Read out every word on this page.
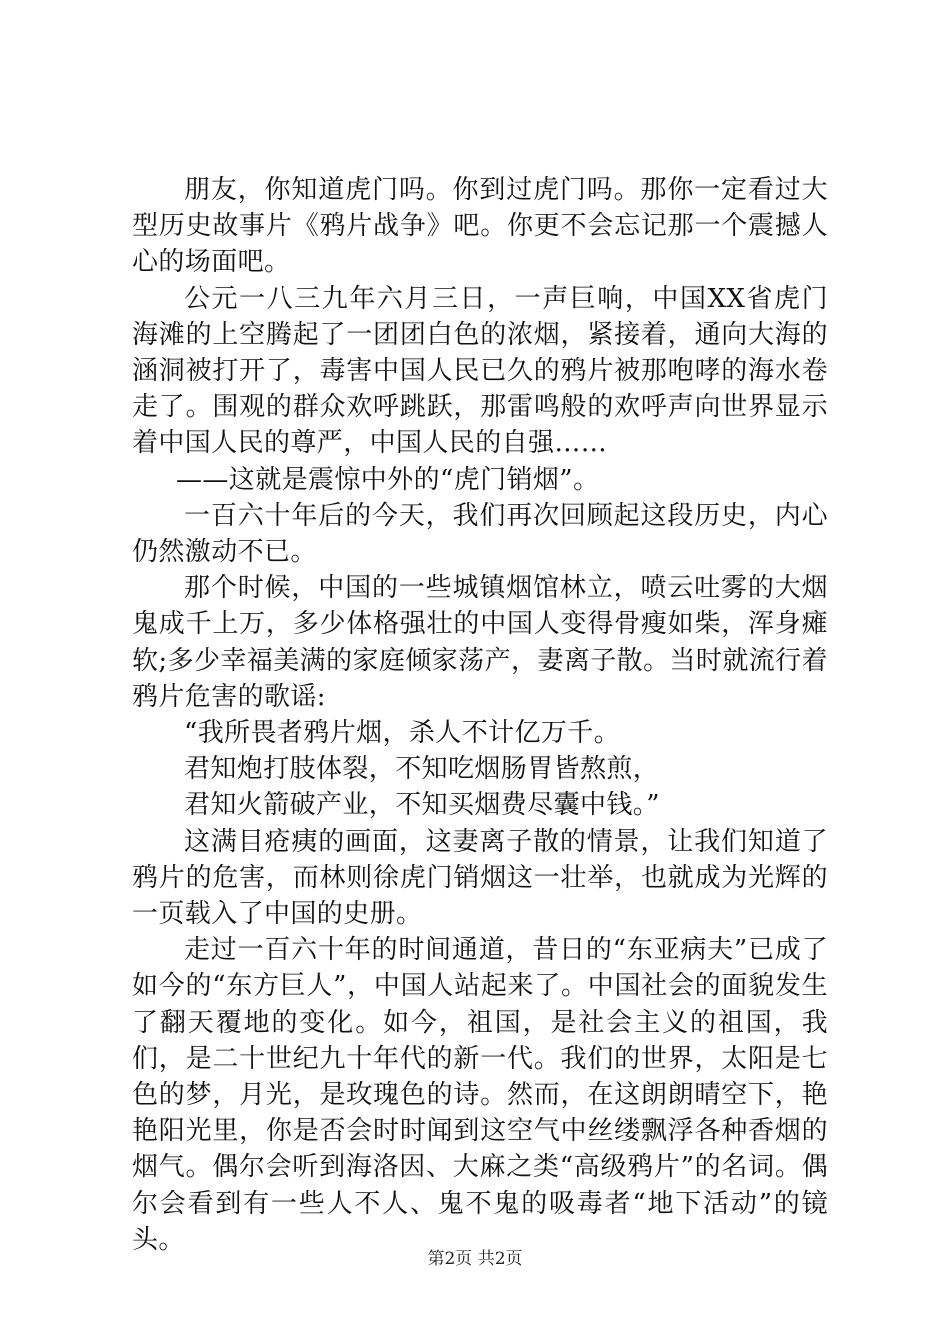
朋友，你知道虎门吗。你到过虎门吗。那你一定看过大型历史故事片《鸦片战争》吧。你更不会忘记那一个震撼人心的场面吧。

公元一八三九年六月三日，一声巨响，中国XX省虎门海滩的上空腾起了一团团白色的浓烟，紧接着，通向大海的涵洞被打开了，毒害中国人民已久的鸦片被那咆哮的海水卷走了。围观的群众欢呼跳跃，那雷鸣般的欢呼声向世界显示着中国人民的尊严，中国人民的自强……

——这就是震惊中外的“虎门销烟”。

一百六十年后的今天，我们再次回顾起这段历史，内心仍然激动不已。

那个时候，中国的一些城镇烟馆林立，喷云吐雾的大烟鬼成千上万，多少体格强壮的中国人变得骨瘦如柴，浑身瘫软;多少幸福美满的家庭倾家荡产，妻离子散。当时就流行着鸦片危害的歌谣:

“我所畏者鸦片烟，杀人不计亿万千。

君知炮打肢体裂，不知吃烟肠胃皆熬煎，

君知火箭破产业，不知买烟费尽囊中钱。”

这满目疮痍的画面，这妻离子散的情景，让我们知道了鸦片的危害，而林则徐虎门销烟这一壮举，也就成为光辉的一页载入了中国的史册。

走过一百六十年的时间通道，昔日的“东亚病夫”已成了如今的“东方巨人”，中国人站起来了。中国社会的面貌发生了翻天覆地的变化。如今，祖国，是社会主义的祖国，我们，是二十世纪九十年代的新一代。我们的世界，太阳是七色的梦，月光，是玫瑰色的诗。然而，在这朗朗晴空下，艳艳阳光里，你是否会时时闻到这空气中丝缕飘浮各种香烟的烟气。偶尔会听到海洛因、大麻之类“高级鸦片”的名词。偶尔会看到有一些人不人、鬼不鬼的吸毒者“地下活动”的镜头。

第2页 共2页
